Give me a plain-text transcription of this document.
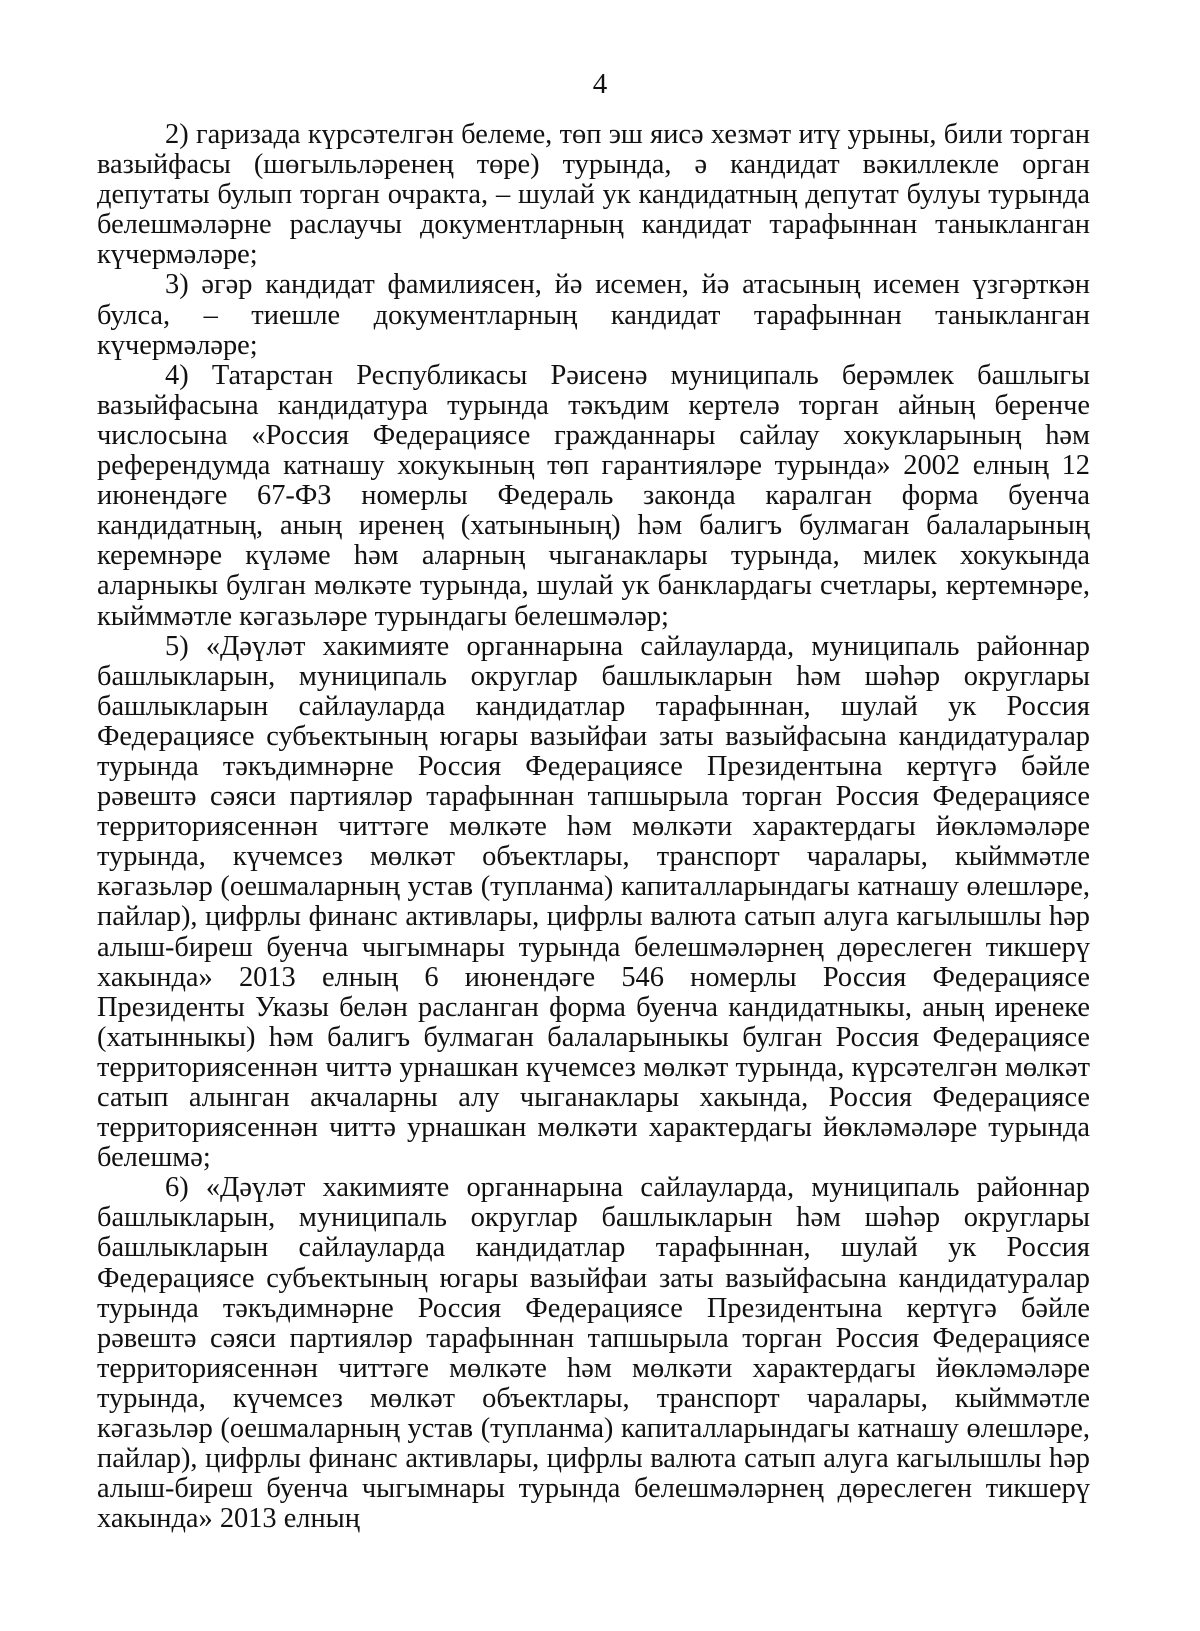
4

2) гаризада күрсәтелгән белеме, төп эш яисә хезмәт итү урыны, били торган вазыйфасы (шөгыльләренең төре) турында, ә кандидат вәкиллекле орган депутаты булып торган очракта, – шулай ук кандидатның депутат булуы турында белешмәләрне раслаучы документларның кандидат тарафыннан таныкланган күчермәләре;

3) әгәр кандидат фамилиясен, йә исемен, йә атасының исемен үзгәрткән булса, – тиешле документларның кандидат тарафыннан таныкланган күчермәләре;

4) Татарстан Республикасы Рәисенә муниципаль берәмлек башлыгы вазыйфасына кандидатура турында тәкъдим кертелә торган айның беренче числосына «Россия Федерациясе гражданнары сайлау хокукларының һәм референдумда катнашу хокукының төп гарантияләре турында» 2002 елның 12 июнендәге 67-ФЗ номерлы Федераль законда каралган форма буенча кандидатның, аның иренең (хатынының) һәм балигъ булмаган балаларының керемнәре күләме һәм аларның чыганаклары турында, милек хокукында аларныкы булган мөлкәте турында, шулай ук банклардагы счетлары, кертемнәре, кыйммәтле кәгазьләре турындагы белешмәләр;

5) «Дәүләт хакимияте органнарына сайлауларда, муниципаль районнар башлыкларын, муниципаль округлар башлыкларын һәм шәһәр округлары башлыкларын сайлауларда кандидатлар тарафыннан, шулай ук Россия Федерациясе субъектының югары вазыйфаи заты вазыйфасына кандидатуралар турында тәкъдимнәрне Россия Федерациясе Президентына кертүгә бәйле рәвештә сәяси партияләр тарафыннан тапшырыла торган Россия Федерациясе территориясеннән читтәге мөлкәте һәм мөлкәти характердагы йөкләмәләре турында, күчемсез мөлкәт объектлары, транспорт чаралары, кыйммәтле кәгазьләр (оешмаларның устав (тупланма) капиталларындагы катнашу өлешләре, пайлар), цифрлы финанс активлары, цифрлы валюта сатып алуга кагылышлы һәр алыш-биреш буенча чыгымнары турында белешмәләрнең дөреслеген тикшерү хакында» 2013 елның 6 июнендәге 546 номерлы Россия Федерациясе Президенты Указы белән расланган форма буенча кандидатныкы, аның иренеке (хатынныкы) һәм балигъ булмаган балаларыныкы булган Россия Федерациясе территориясеннән читтә урнашкан күчемсез мөлкәт турында, күрсәтелгән мөлкәт сатып алынган акчаларны алу чыганаклары хакында, Россия Федерациясе территориясеннән читтә урнашкан мөлкәти характердагы йөкләмәләре турында белешмә;

6) «Дәүләт хакимияте органнарына сайлауларда, муниципаль районнар башлыкларын, муниципаль округлар башлыкларын һәм шәһәр округлары башлыкларын сайлауларда кандидатлар тарафыннан, шулай ук Россия Федерациясе субъектының югары вазыйфаи заты вазыйфасына кандидатуралар турында тәкъдимнәрне Россия Федерациясе Президентына кертүгә бәйле рәвештә сәяси партияләр тарафыннан тапшырыла торган Россия Федерациясе территориясеннән читтәге мөлкәте һәм мөлкәти характердагы йөкләмәләре турында, күчемсез мөлкәт объектлары, транспорт чаралары, кыйммәтле кәгазьләр (оешмаларның устав (тупланма) капиталларындагы катнашу өлешләре, пайлар), цифрлы финанс активлары, цифрлы валюта сатып алуга кагылышлы һәр алыш-биреш буенча чыгымнары турында белешмәләрнең дөреслеген тикшерү хакында» 2013 елның
